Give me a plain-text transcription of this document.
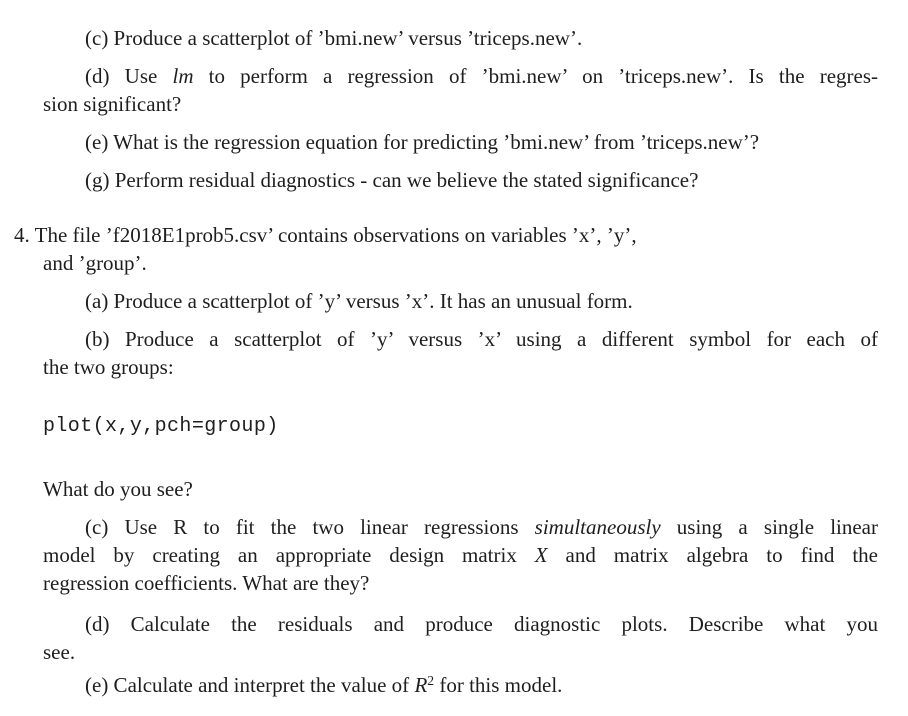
(c) Produce a scatterplot of ’bmi.new’ versus ’triceps.new’.
(d) Use lm to perform a regression of ’bmi.new’ on ’triceps.new’. Is the regres-
sion significant?
(e) What is the regression equation for predicting ’bmi.new’ from ’triceps.new’?
(g) Perform residual diagnostics - can we believe the stated significance?
4. The file ’f2018E1prob5.csv’ contains observations on variables ’x’, ’y’,
and ’group’.
(a) Produce a scatterplot of ’y’ versus ’x’. It has an unusual form.
(b) Produce a scatterplot of ’y’ versus ’x’ using a different symbol for each of
the two groups:
plot(x,y,pch=group)
What do you see?
(c) Use R to fit the two linear regressions simultaneously using a single linear
model by creating an appropriate design matrix X and matrix algebra to find the
regression coefficients. What are they?
(d) Calculate the residuals and produce diagnostic plots. Describe what you
see.
(e) Calculate and interpret the value of $R^2$ for this model.
